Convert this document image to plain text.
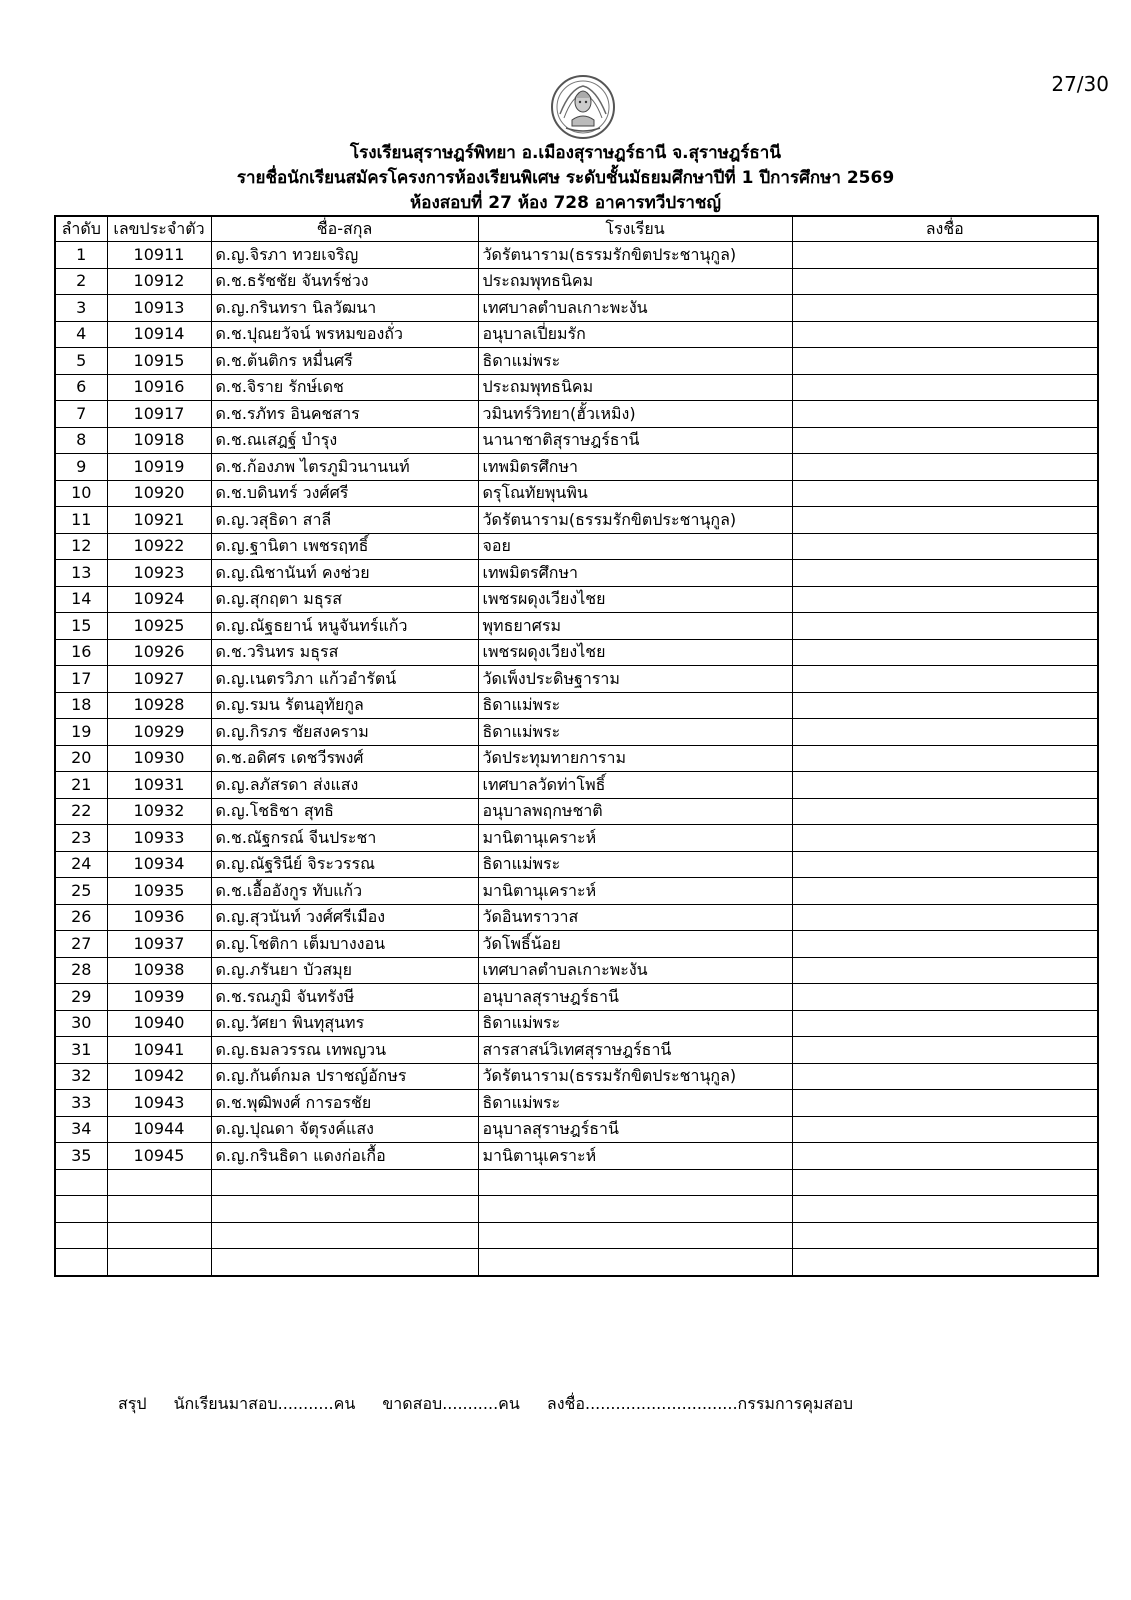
27/30
โรงเรียนสุราษฎร์พิทยา อ.เมืองสุราษฎร์ธานี จ.สุราษฎร์ธานี
รายชื่อนักเรียนสมัครโครงการห้องเรียนพิเศษ ระดับชั้นมัธยมศึกษาปีที่ 1 ปีการศึกษา 2569
ห้องสอบที่ 27 ห้อง 728 อาคารทวีปราชญ์
ลำดับ	เลขประจำตัว	ชื่อ-สกุล	โรงเรียน	ลงชื่อ
1	10911	ด.ญ.จิรภา ทวยเจริญ	วัดรัตนาราม(ธรรมรักขิตประชานุกูล)	
2	10912	ด.ช.ธรัชชัย จันทร์ช่วง	ประถมพุทธนิคม	
3	10913	ด.ญ.กรินทรา นิลวัฒนา	เทศบาลตำบลเกาะพะงัน	
4	10914	ด.ช.ปุณยวัจน์ พรหมของถั่ว	อนุบาลเปี่ยมรัก	
5	10915	ด.ช.ต้นติกร หมื่นศรี	ธิดาแม่พระ	
6	10916	ด.ช.จิราย รักษ์เดช	ประถมพุทธนิคม	
7	10917	ด.ช.รภัทร อินคชสาร	วมินทร์วิทยา(ฮั้วเหมิง)	
8	10918	ด.ช.ณเสฎฐ์ บำรุง	นานาชาติสุราษฎร์ธานี	
9	10919	ด.ช.ก้องภพ ไตรภูมิวนานนท์	เทพมิตรศึกษา	
10	10920	ด.ช.บดินทร์ วงศ์ศรี	ดรุโณทัยพุนพิน	
11	10921	ด.ญ.วสุธิดา สาลี	วัดรัตนาราม(ธรรมรักขิตประชานุกูล)	
12	10922	ด.ญ.ฐานิตา เพชรฤทธิ์	จอย	
13	10923	ด.ญ.ณิชานันท์ คงช่วย	เทพมิตรศึกษา	
14	10924	ด.ญ.สุกฤตา มธุรส	เพชรผดุงเวียงไชย	
15	10925	ด.ญ.ณัฐธยาน์ หนูจันทร์แก้ว	พุทธยาศรม	
16	10926	ด.ช.วรินทร มธุรส	เพชรผดุงเวียงไชย	
17	10927	ด.ญ.เนตรวิภา แก้วอำรัตน์	วัดเพ็งประดิษฐาราม	
18	10928	ด.ญ.รมน รัตนอุทัยกูล	ธิดาแม่พระ	
19	10929	ด.ญ.กิรภร ชัยสงคราม	ธิดาแม่พระ	
20	10930	ด.ช.อดิศร เดชวีรพงศ์	วัดประทุมทายการาม	
21	10931	ด.ญ.ลภัสรดา ส่งแสง	เทศบาลวัดท่าโพธิ์	
22	10932	ด.ญ.โชธิชา สุทธิ	อนุบาลพฤกษชาติ	
23	10933	ด.ช.ณัฐกรณ์ จีนประชา	มานิตานุเคราะห์	
24	10934	ด.ญ.ณัฐรินีย์ จิระวรรณ	ธิดาแม่พระ	
25	10935	ด.ช.เอื้ออังกูร ทับแก้ว	มานิตานุเคราะห์	
26	10936	ด.ญ.สุวนันท์ วงศ์ศรีเมือง	วัดอินทราวาส	
27	10937	ด.ญ.โชติกา เต็มบางงอน	วัดโพธิ์น้อย	
28	10938	ด.ญ.ภรันยา บัวสมุย	เทศบาลตำบลเกาะพะงัน	
29	10939	ด.ช.รณภูมิ จันทรังษี	อนุบาลสุราษฎร์ธานี	
30	10940	ด.ญ.วัศยา พินทุสุนทร	ธิดาแม่พระ	
31	10941	ด.ญ.ธมลวรรณ เทพญวน	สารสาสน์วิเทศสุราษฎร์ธานี	
32	10942	ด.ญ.กันต์กมล ปราชญ์อักษร	วัดรัตนาราม(ธรรมรักขิตประชานุกูล)	
33	10943	ด.ช.พุฒิพงศ์ การอรชัย	ธิดาแม่พระ	
34	10944	ด.ญ.ปุณดา จัตุรงค์แสง	อนุบาลสุราษฎร์ธานี	
35	10945	ด.ญ.กรินธิดา แดงก่อเกื้อ	มานิตานุเคราะห์	

สรุป นักเรียนมาสอบ...........คน ขาดสอบ...........คน ลงชื่อ..............................กรรมการคุมสอบ
